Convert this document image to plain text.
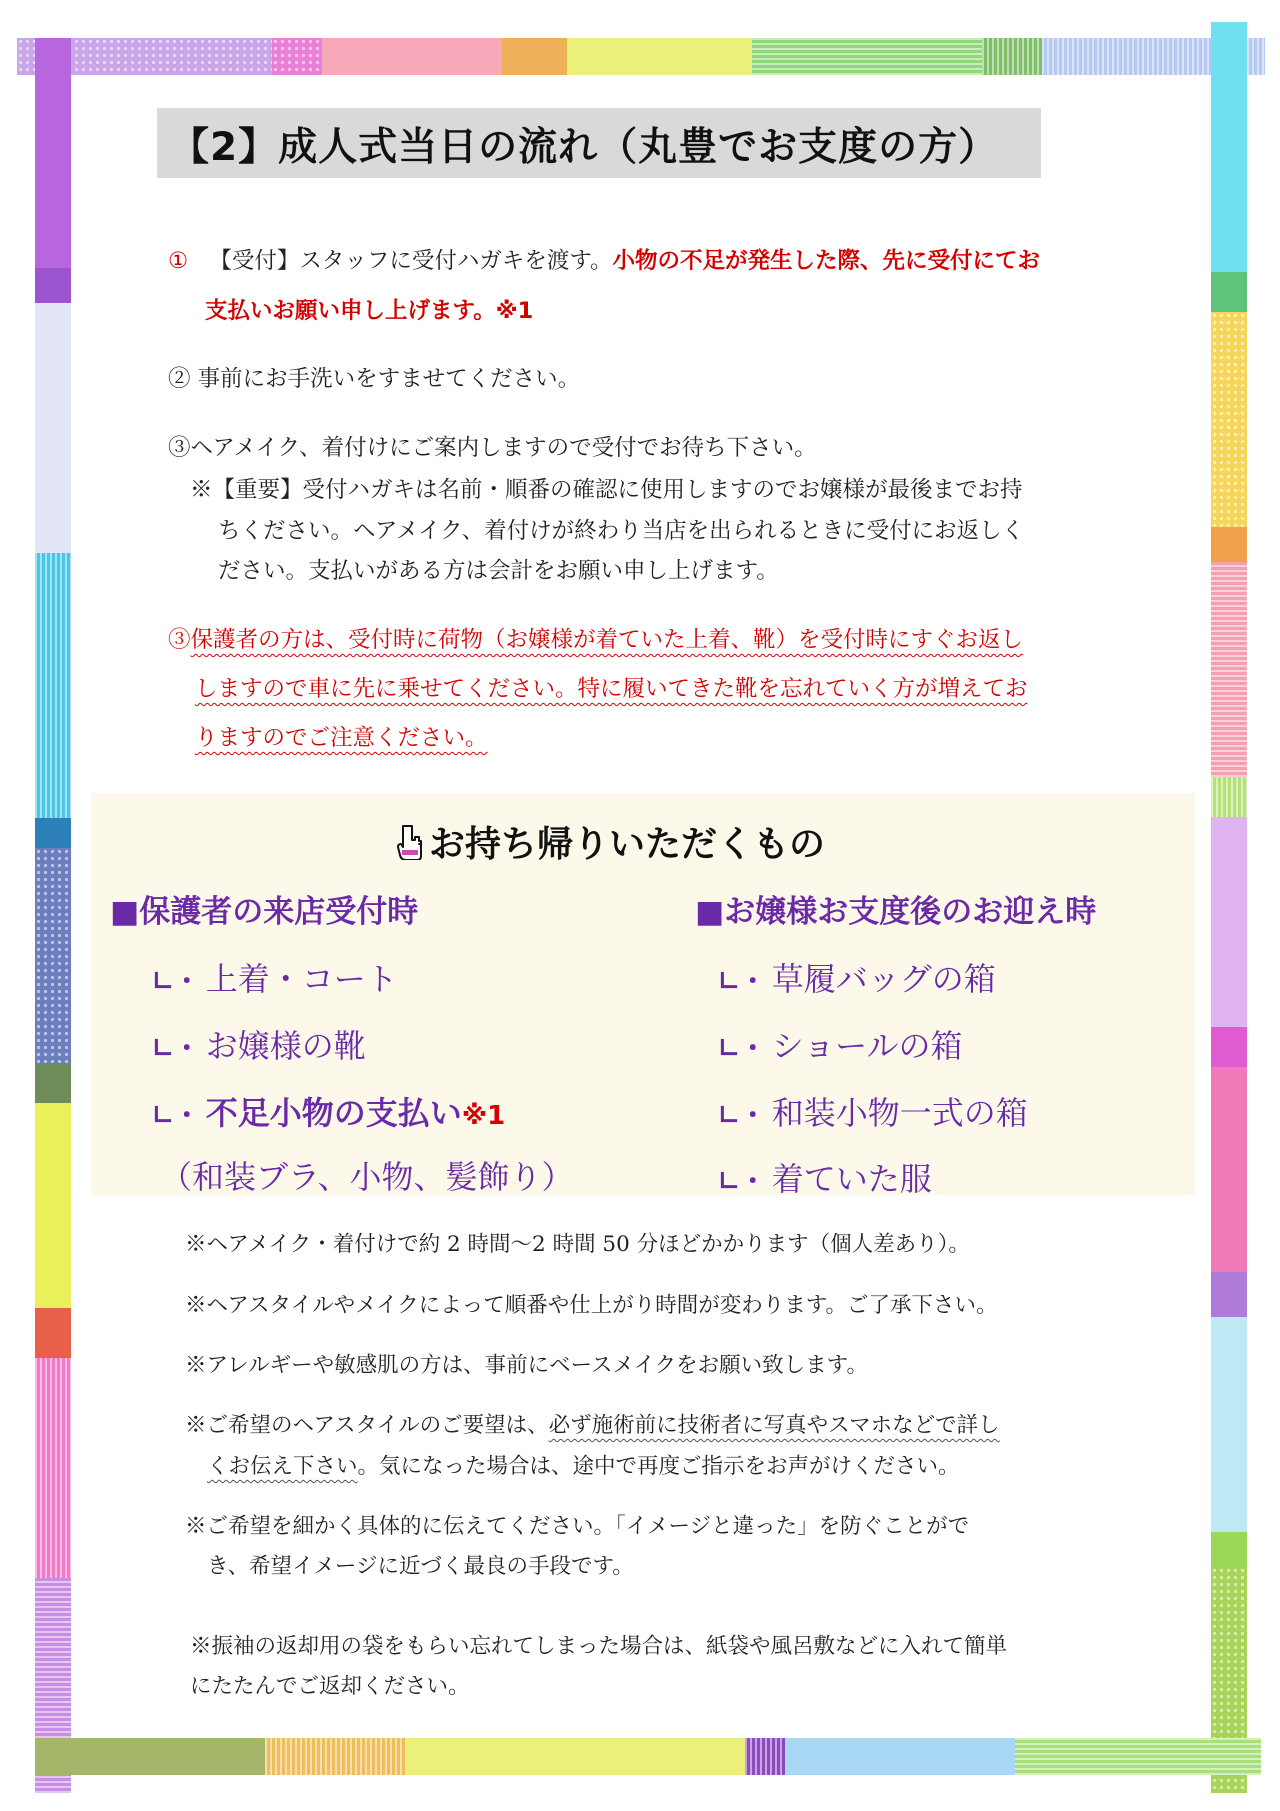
【2】成人式当日の流れ（丸豊でお支度の方）
① 【受付】スタッフに受付ハガキを渡す。小物の不足が発生した際、先に受付にてお
支払いお願い申し上げます。※1
② 事前にお手洗いをすませてください。
③ヘアメイク、着付けにご案内しますので受付でお待ち下さい。
※【重要】受付ハガキは名前・順番の確認に使用しますのでお嬢様が最後までお持
ちください。ヘアメイク、着付けが終わり当店を出られるときに受付にお返しく
ださい。支払いがある方は会計をお願い申し上げます。
③保護者の方は、受付時に荷物（お嬢様が着ていた上着、靴）を受付時にすぐお返し
しますので車に先に乗せてください。特に履いてきた靴を忘れていく方が増えてお
りますのでご注意ください。
お持ち帰りいただくもの
■保護者の来店受付時	■お嬢様お支度後のお迎え時
∟・ 上着・コート
∟・ お嬢様の靴
∟・ 不足小物の支払い※1
（和装ブラ、小物、髪飾り）
∟・ 草履バッグの箱
∟・ ショールの箱
∟・ 和装小物一式の箱
∟・ 着ていた服
※ヘアメイク・着付けで約 2 時間〜2 時間 50 分ほどかかります（個人差あり）。
※ヘアスタイルやメイクによって順番や仕上がり時間が変わります。ご了承下さい。
※アレルギーや敏感肌の方は、事前にベースメイクをお願い致します。
※ご希望のヘアスタイルのご要望は、必ず施術前に技術者に写真やスマホなどで詳し
くお伝え下さい。気になった場合は、途中で再度ご指示をお声がけください。
※ご希望を細かく具体的に伝えてください。「イメージと違った」を防ぐことがで
き、希望イメージに近づく最良の手段です。
※振袖の返却用の袋をもらい忘れてしまった場合は、紙袋や風呂敷などに入れて簡単
にたたんでご返却ください。
